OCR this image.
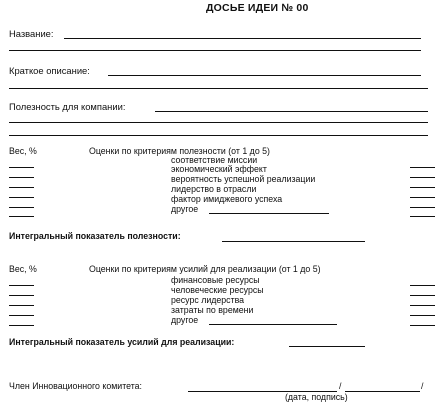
ДОСЬЕ ИДЕИ № 00
Название:
Краткое описание:
Полезность для компании:
Вес, %	Оценки по критериям полезности (от 1 до 5)
соответствие миссии
экономический эффект
вероятность успешной реализации
лидерство в отрасли
фактор имиджевого успеха
другое
Интегральный показатель полезности:
Вес, %	Оценки по критериям усилий для реализации (от 1 до 5)
финансовые ресурсы
человеческие ресурсы
ресурс лидерства
затраты по времени
другое
Интегральный показатель усилий для реализации:
Член Инновационного комитета:	/	/
(дата, подпись)
